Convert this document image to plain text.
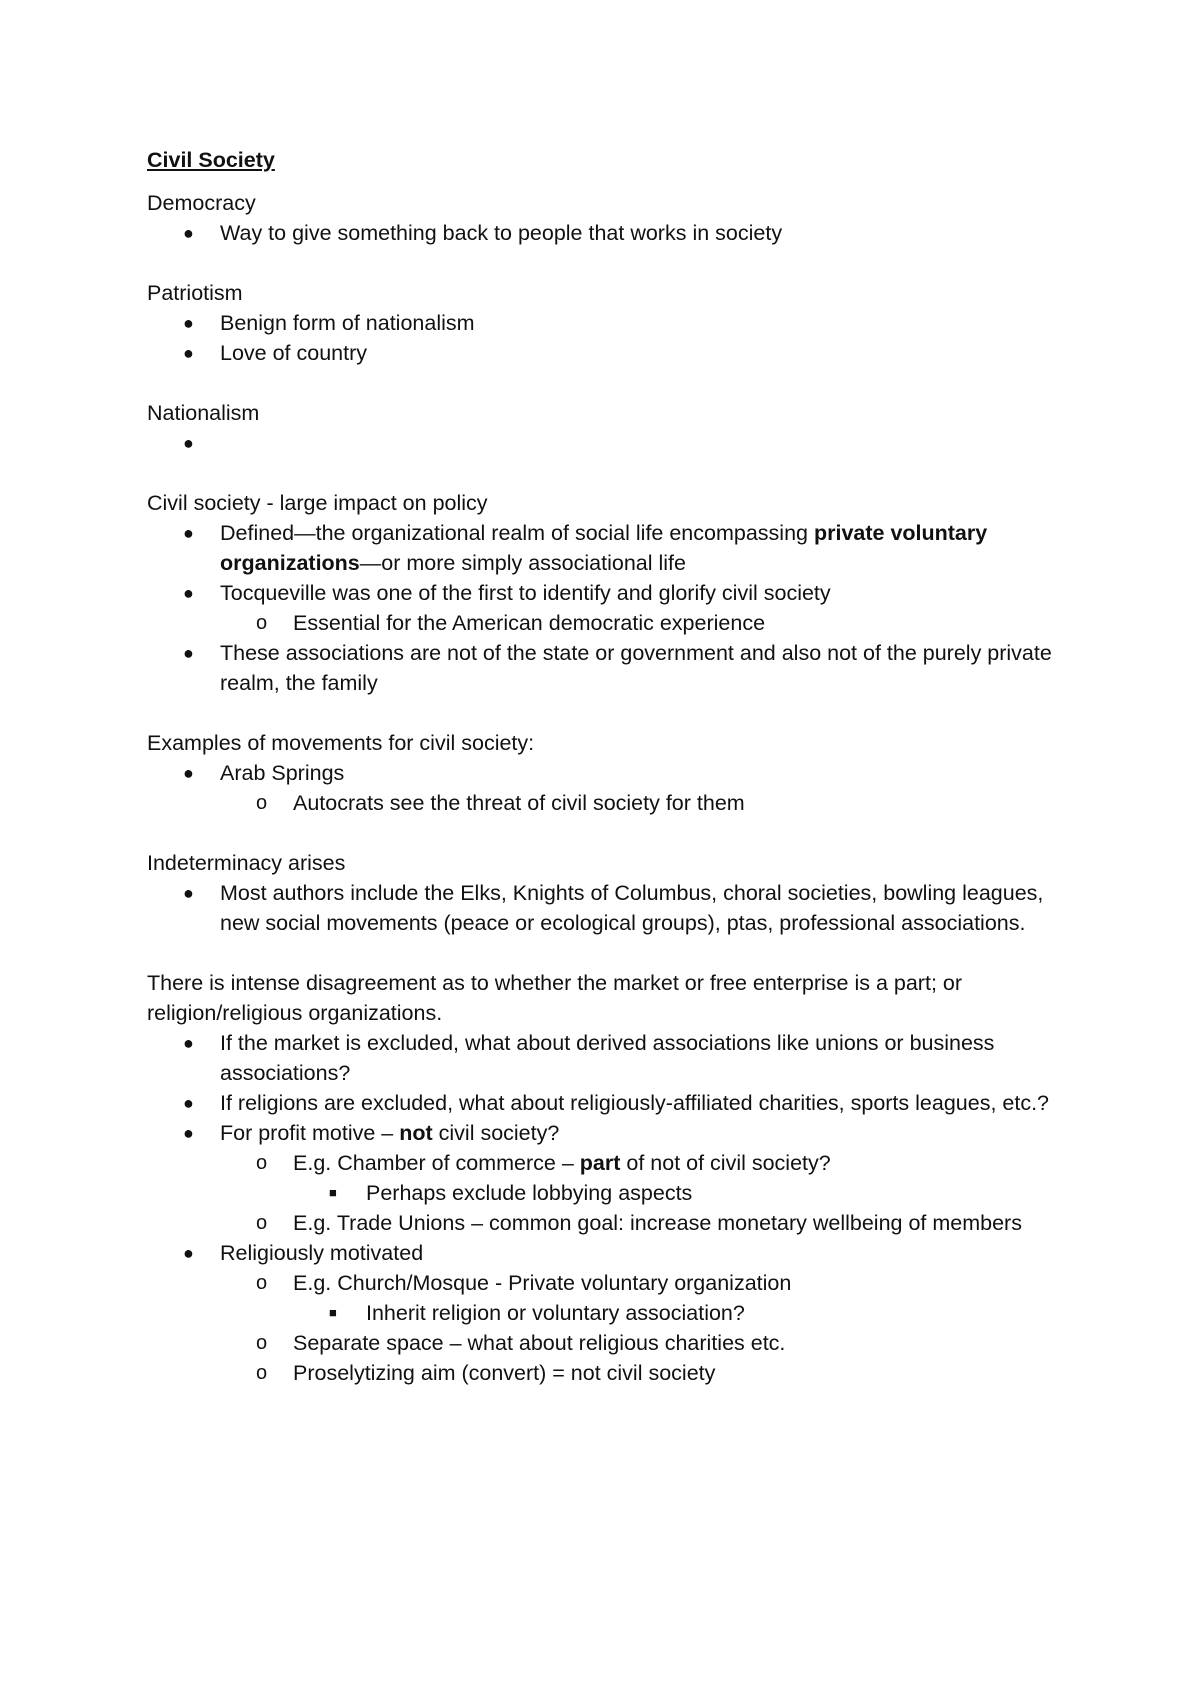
Civil Society
Democracy
● Way to give something back to people that works in society
Patriotism
● Benign form of nationalism
● Love of country
Nationalism
●

Civil society - large impact on policy
● Defined—the organizational realm of social life encompassing private voluntary organizations—or more simply associational life
● Tocqueville was one of the first to identify and glorify civil society
o Essential for the American democratic experience
● These associations are not of the state or government and also not of the purely private realm, the family
Examples of movements for civil society:
● Arab Springs
o Autocrats see the threat of civil society for them
Indeterminacy arises
● Most authors include the Elks, Knights of Columbus, choral societies, bowling leagues, new social movements (peace or ecological groups), ptas, professional associations.
There is intense disagreement as to whether the market or free enterprise is a part; or religion/religious organizations.
● If the market is excluded, what about derived associations like unions or business associations?
● If religions are excluded, what about religiously-affiliated charities, sports leagues, etc.?
● For profit motive – not civil society?
o E.g. Chamber of commerce – part of not of civil society?
■ Perhaps exclude lobbying aspects
o E.g. Trade Unions – common goal: increase monetary wellbeing of members
● Religiously motivated
o E.g. Church/Mosque - Private voluntary organization
■ Inherit religion or voluntary association?
o Separate space – what about religious charities etc.
o Proselytizing aim (convert) = not civil society
